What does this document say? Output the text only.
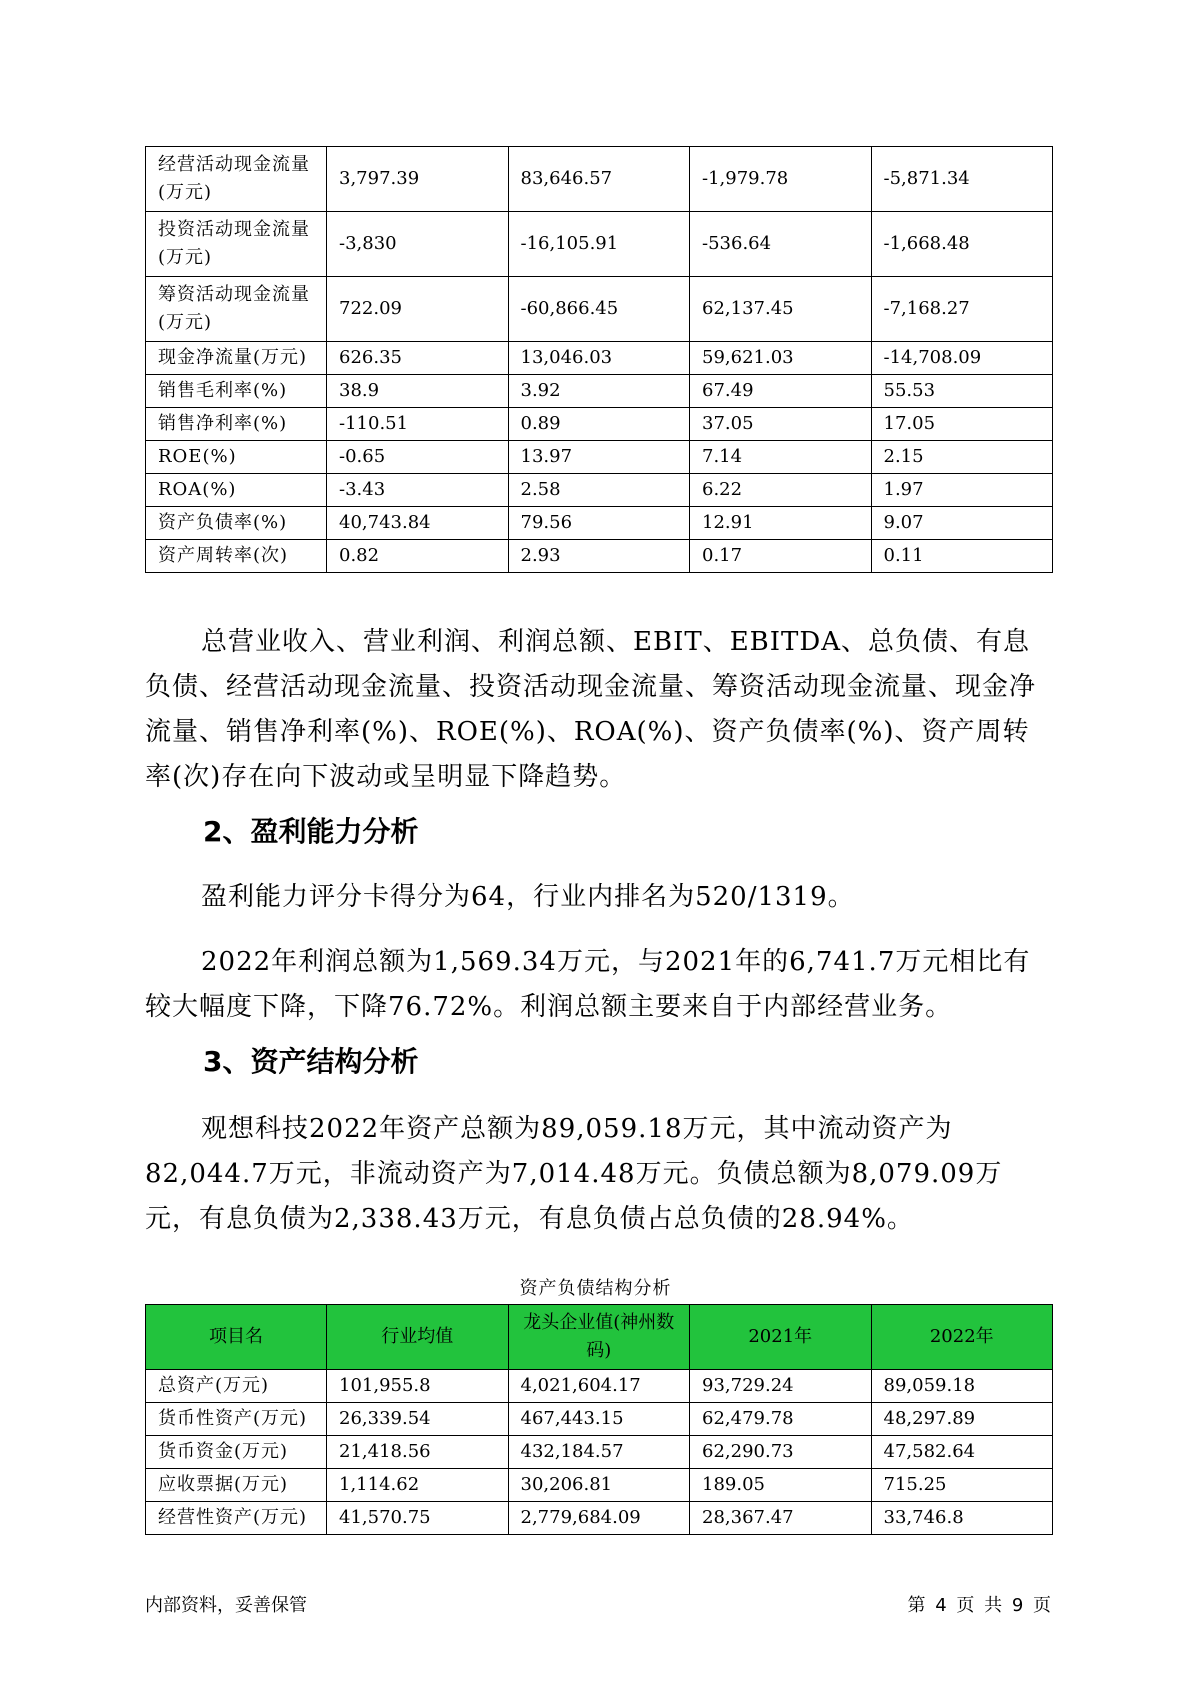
经营活动现金流量(万元)	3,797.39	83,646.57	-1,979.78	-5,871.34
投资活动现金流量(万元)	-3,830	-16,105.91	-536.64	-1,668.48
筹资活动现金流量(万元)	722.09	-60,866.45	62,137.45	-7,168.27
现金净流量(万元)	626.35	13,046.03	59,621.03	-14,708.09
销售毛利率(%)	38.9	3.92	67.49	55.53
销售净利率(%)	-110.51	0.89	37.05	17.05
ROE(%)	-0.65	13.97	7.14	2.15
ROA(%)	-3.43	2.58	6.22	1.97
资产负债率(%)	40,743.84	79.56	12.91	9.07
资产周转率(次)	0.82	2.93	0.17	0.11

总营业收入、营业利润、利润总额、EBIT、EBITDA、总负债、有息负债、经营活动现金流量、投资活动现金流量、筹资活动现金流量、现金净流量、销售净利率(%)、ROE(%)、ROA(%)、资产负债率(%)、资产周转率(次)存在向下波动或呈明显下降趋势。

2、盈利能力分析

盈利能力评分卡得分为64，行业内排名为520/1319。

2022年利润总额为1,569.34万元，与2021年的6,741.7万元相比有较大幅度下降，下降76.72%。利润总额主要来自于内部经营业务。

3、资产结构分析

观想科技2022年资产总额为89,059.18万元，其中流动资产为82,044.7万元，非流动资产为7,014.48万元。负债总额为8,079.09万元，有息负债为2,338.43万元，有息负债占总负债的28.94%。

资产负债结构分析
项目名	行业均值	龙头企业值(神州数码)	2021年	2022年
总资产(万元)	101,955.8	4,021,604.17	93,729.24	89,059.18
货币性资产(万元)	26,339.54	467,443.15	62,479.78	48,297.89
货币资金(万元)	21,418.56	432,184.57	62,290.73	47,582.64
应收票据(万元)	1,114.62	30,206.81	189.05	715.25
经营性资产(万元)	41,570.75	2,779,684.09	28,367.47	33,746.8
内部资料，妥善保管	第 4 页 共 9 页
